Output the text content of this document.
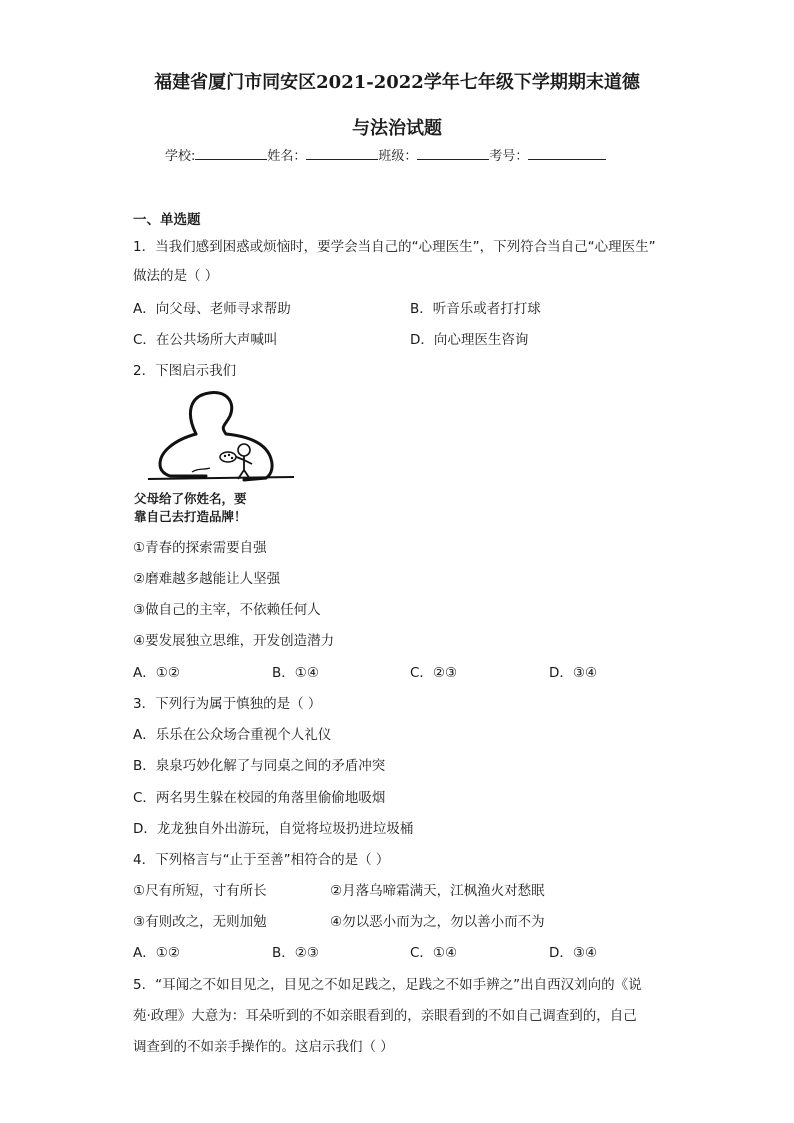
福建省厦门市同安区2021-2022学年七年级下学期期末道德
与法治试题
学校:	姓名：	班级：	考号：
一、单选题
1．当我们感到困惑或烦恼时，要学会当自己的“心理医生”，下列符合当自己“心理医生”
做法的是（ ）
A．向父母、老师寻求帮助	B．听音乐或者打打球
C．在公共场所大声喊叫	D．向心理医生咨询
2．下图启示我们
父母给了你姓名，要
靠自己去打造品牌！
①青春的探索需要自强
②磨难越多越能让人坚强
③做自己的主宰，不依赖任何人
④要发展独立思维，开发创造潜力
A．①②	B．①④	C．②③	D．③④
3．下列行为属于慎独的是（ ）
A．乐乐在公众场合重视个人礼仪
B．泉泉巧妙化解了与同桌之间的矛盾冲突
C．两名男生躲在校园的角落里偷偷地吸烟
D．龙龙独自外出游玩，自觉将垃圾扔进垃圾桶
4．下列格言与“止于至善”相符合的是（ ）
①尺有所短，寸有所长	②月落乌啼霜满天，江枫渔火对愁眠
③有则改之，无则加勉	④勿以恶小而为之，勿以善小而不为
A．①②	B．②③	C．①④	D．③④
5．“耳闻之不如目见之，目见之不如足践之，足践之不如手辨之”出自西汉刘向的《说
苑·政理》大意为：耳朵听到的不如亲眼看到的，亲眼看到的不如自己调查到的，自己
调查到的不如亲手操作的。这启示我们（ ）
